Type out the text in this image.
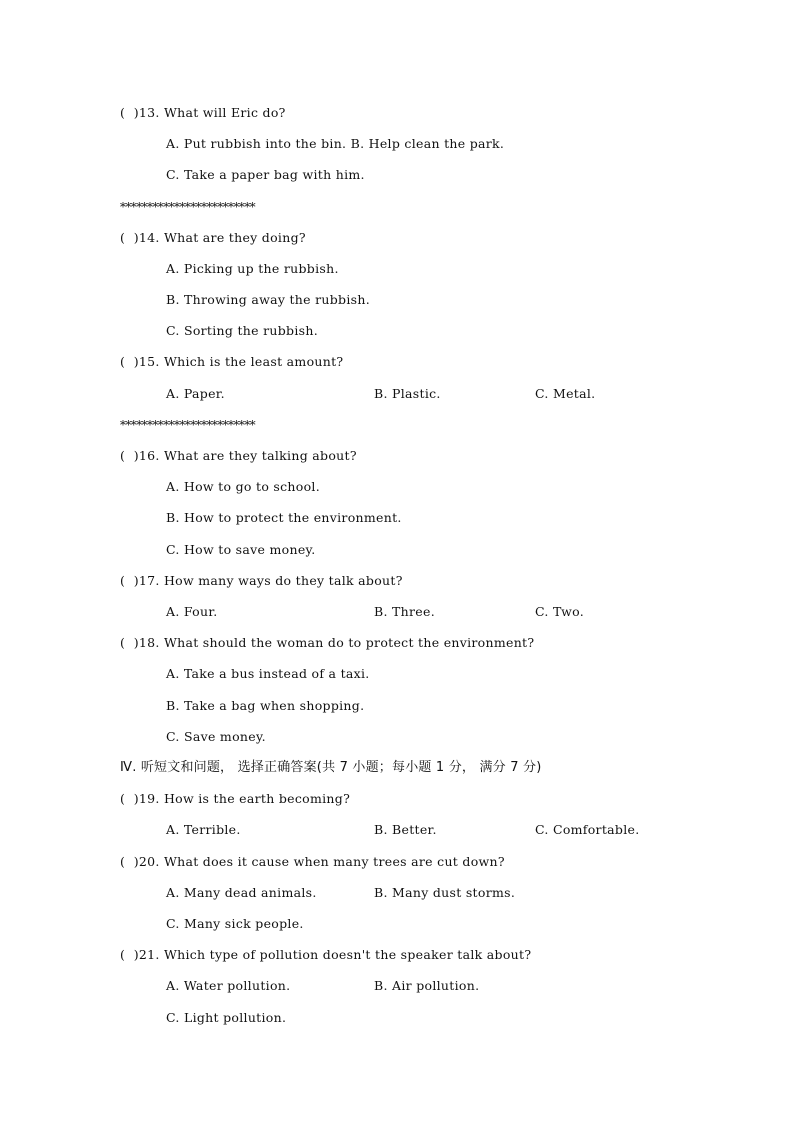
(  )13. What will Eric do?
A. Put rubbish into the bin. B. Help clean the park.
C. Take a paper bag with him.
*************************
(  )14. What are they doing?
A. Picking up the rubbish.
B. Throwing away the rubbish.
C. Sorting the rubbish.
(  )15. Which is the least amount?
A. Paper.	B. Plastic.	C. Metal.
*************************
(  )16. What are they talking about?
A. How to go to school.
B. How to protect the environment.
C. How to save money.
(  )17. How many ways do they talk about?
A. Four.	B. Three.	C. Two.
(  )18. What should the woman do to protect the environment?
A. Take a bus instead of a taxi.
B. Take a bag when shopping.
C. Save money.
Ⅳ. 听短文和问题， 选择正确答案(共 7 小题；每小题 1 分， 满分 7 分)
(  )19. How is the earth becoming?
A. Terrible.	B. Better.	C. Comfortable.
(  )20. What does it cause when many trees are cut down?
A. Many dead animals.	B. Many dust storms.
C. Many sick people.
(  )21. Which type of pollution doesn't the speaker talk about?
A. Water pollution.	B. Air pollution.
C. Light pollution.
